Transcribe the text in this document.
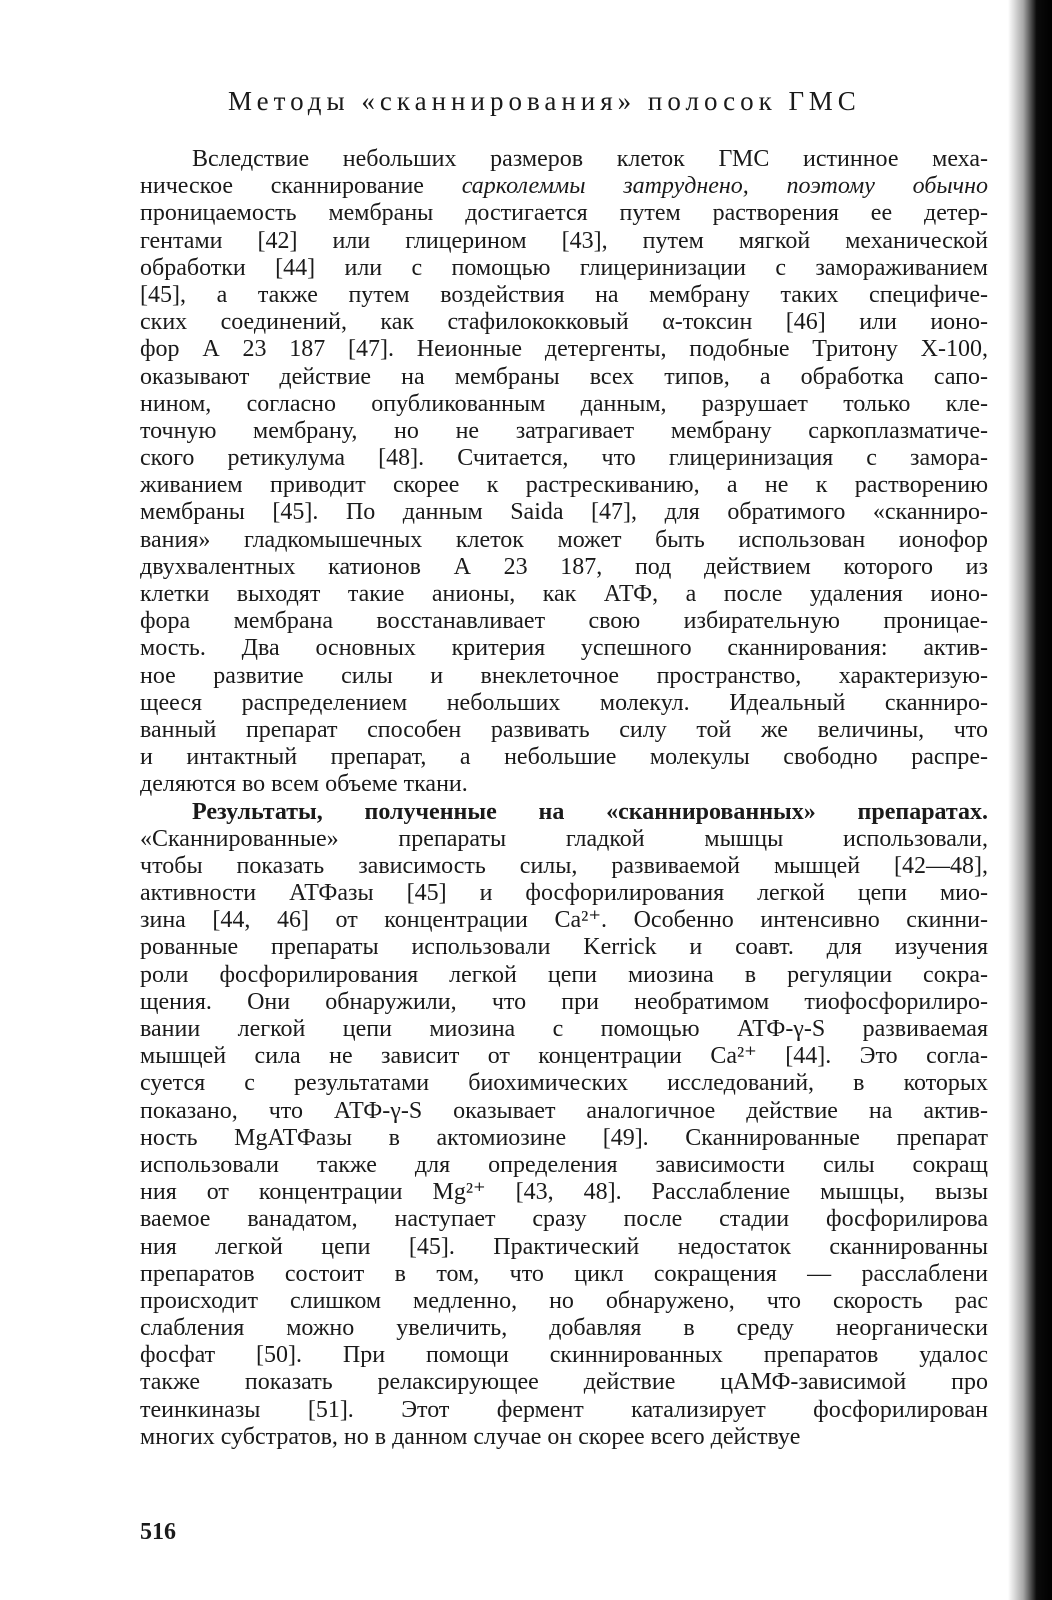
Методы «сканнирования» полосок ГМС
Вследствие небольших размеров клеток ГМС истинное меха-
ническое сканнирование сарколеммы затруднено, поэтому обычно
проницаемость мембраны достигается путем растворения ее детер-
гентами [42] или глицерином [43], путем мягкой механической
обработки [44] или с помощью глицеринизации с замораживанием
[45], а также путем воздействия на мембрану таких специфиче-
ских соединений, как стафилококковый α-токсин [46] или ионо-
фор А 23 187 [47]. Неионные детергенты, подобные Тритону Х-100,
оказывают действие на мембраны всех типов, а обработка сапо-
нином, согласно опубликованным данным, разрушает только кле-
точную мембрану, но не затрагивает мембрану саркоплазматиче-
ского ретикулума [48]. Считается, что глицеринизация с замора-
живанием приводит скорее к растрескиванию, а не к растворению
мембраны [45]. По данным Saida [47], для обратимого «сканниро-
вания» гладкомышечных клеток может быть использован ионофор
двухвалентных катионов А 23 187, под действием которого из
клетки выходят такие анионы, как АТФ, а после удаления ионо-
фора мембрана восстанавливает свою избирательную проницае-
мость. Два основных критерия успешного сканнирования: актив-
ное развитие силы и внеклеточное пространство, характеризую-
щееся распределением небольших молекул. Идеальный сканниро-
ванный препарат способен развивать силу той же величины, что
и интактный препарат, а небольшие молекулы свободно распре-
деляются во всем объеме ткани.
Результаты, полученные на «сканнированных» препаратах.
«Сканнированные» препараты гладкой мышцы использовали,
чтобы показать зависимость силы, развиваемой мышцей [42—48],
активности АТФазы [45] и фосфорилирования легкой цепи мио-
зина [44, 46] от концентрации Са²⁺. Особенно интенсивно скинни-
рованные препараты использовали Kerrick и соавт. для изучения
роли фосфорилирования легкой цепи миозина в регуляции сокра-
щения. Они обнаружили, что при необратимом тиофосфорилиро-
вании легкой цепи миозина с помощью АТФ-γ-S развиваемая
мышцей сила не зависит от концентрации Са²⁺ [44]. Это согла-
суется с результатами биохимических исследований, в которых
показано, что АТФ-γ-S оказывает аналогичное действие на актив-
ность MgАТФазы в актомиозине [49]. Сканнированные препарат
использовали также для определения зависимости силы сокращ
ния от концентрации Mg²⁺ [43, 48]. Расслабление мышцы, вызы
ваемое ванадатом, наступает сразу после стадии фосфорилирова
ния легкой цепи [45]. Практический недостаток сканнированны
препаратов состоит в том, что цикл сокращения — расслаблени
происходит слишком медленно, но обнаружено, что скорость рас
слабления можно увеличить, добавляя в среду неорганически
фосфат [50]. При помощи скиннированных препаратов удалос
также показать релаксирующее действие цАМФ-зависимой про
теинкиназы [51]. Этот фермент катализирует фосфорилирован
многих субстратов, но в данном случае он скорее всего действуе
516
